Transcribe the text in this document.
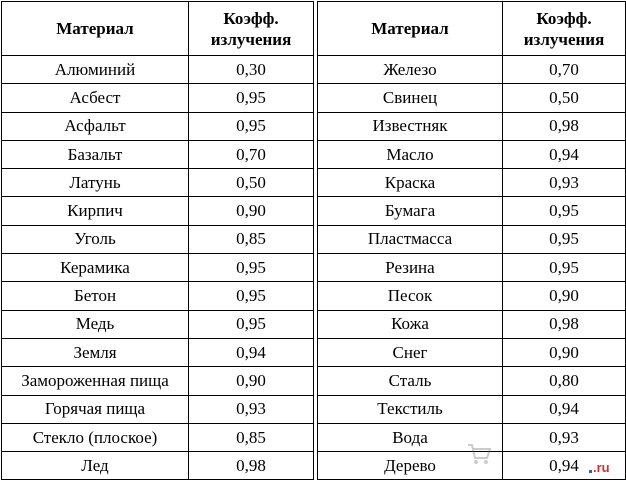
Материал	Коэфф.
излучения
Алюминий	0,30
Асбест	0,95
Асфальт	0,95
Базальт	0,70
Латунь	0,50
Кирпич	0,90
Уголь	0,85
Керамика	0,95
Бетон	0,95
Медь	0,95
Земля	0,94
Замороженная пища	0,90
Горячая пища	0,93
Стекло (плоское)	0,85
Лед	0,98
Материал	Коэфф.
излучения
Железо	0,70
Свинец	0,50
Известняк	0,98
Масло	0,94
Краска	0,93
Бумага	0,95
Пластмасса	0,95
Резина	0,95
Песок	0,90
Кожа	0,98
Снег	0,90
Сталь	0,80
Текстиль	0,94
Вода	0,93
Дерево	0,94 .ru
